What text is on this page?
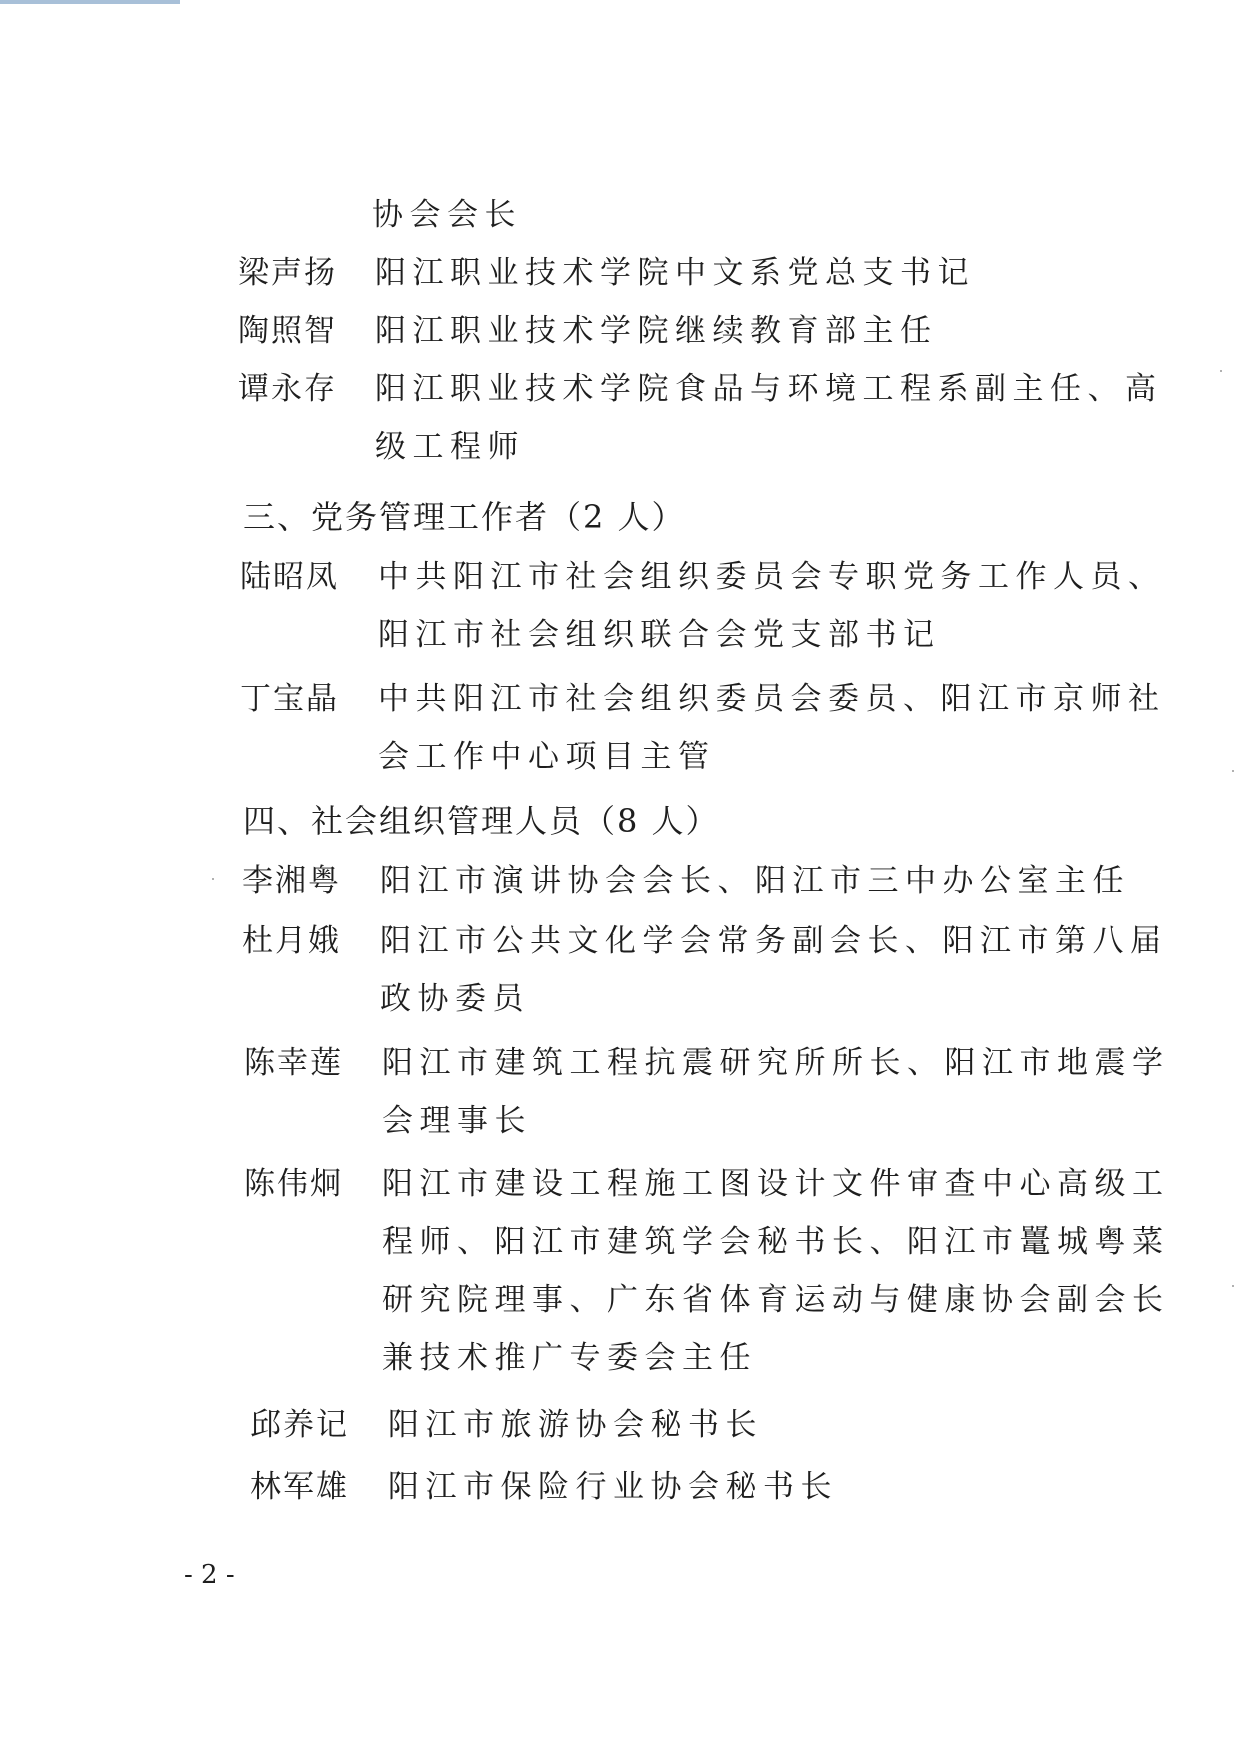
协会会长
梁声扬 阳江职业技术学院中文系党总支书记
陶照智 阳江职业技术学院继续教育部主任
谭永存 阳江职业技术学院食品与环境工程系副主任、高
级工程师
三、党务管理工作者（2 人）
陆昭凤 中共阳江市社会组织委员会专职党务工作人员、
阳江市社会组织联合会党支部书记
丁宝晶 中共阳江市社会组织委员会委员、阳江市京师社
会工作中心项目主管
四、社会组织管理人员（8 人）
李湘粤 阳江市演讲协会会长、阳江市三中办公室主任
杜月娥 阳江市公共文化学会常务副会长、阳江市第八届
政协委员
陈幸莲 阳江市建筑工程抗震研究所所长、阳江市地震学
会理事长
陈伟炯 阳江市建设工程施工图设计文件审查中心高级工
程师、阳江市建筑学会秘书长、阳江市鼍城粤菜
研究院理事、广东省体育运动与健康协会副会长
兼技术推广专委会主任
邱养记 阳江市旅游协会秘书长
林军雄 阳江市保险行业协会秘书长
- 2 -
